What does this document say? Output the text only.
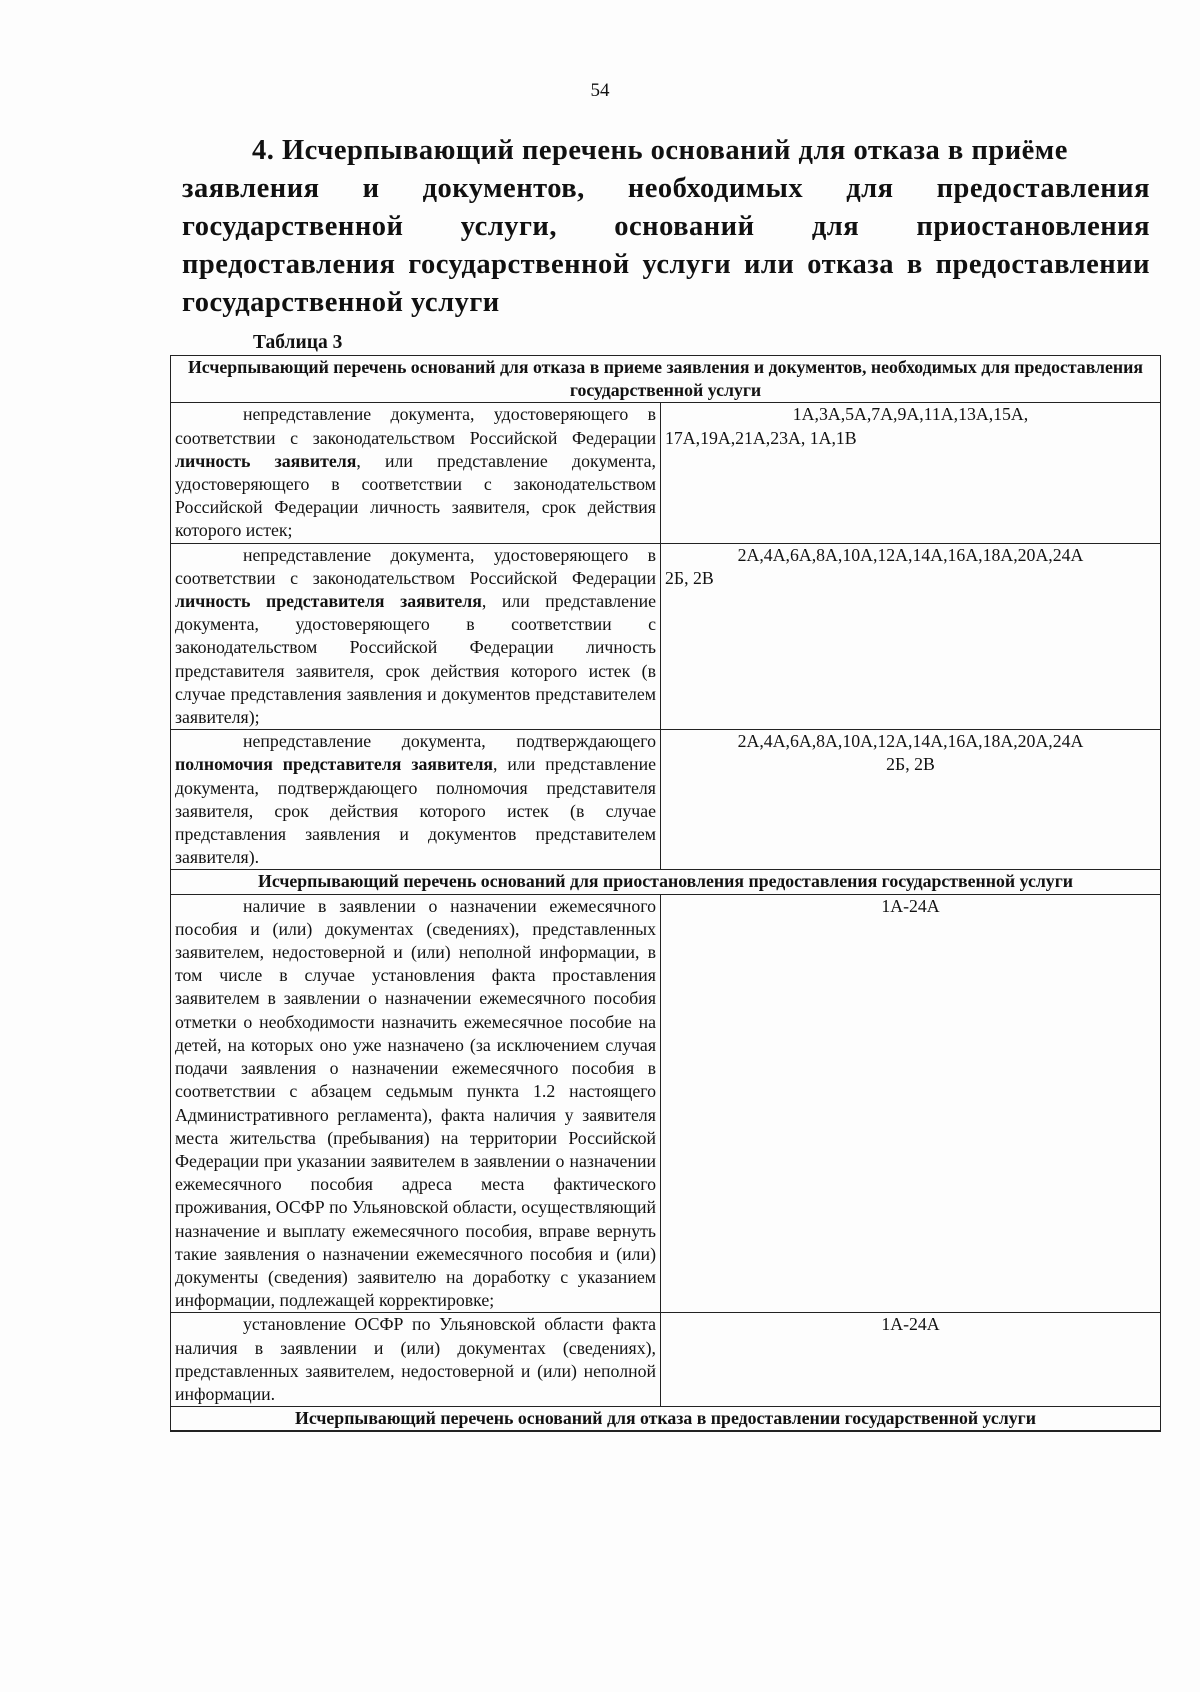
54
4. Исчерпывающий перечень оснований для отказа в приёме
заявления и документов, необходимых для предоставления государственной услуги, оснований для приостановления предоставления государственной услуги или отказа в предоставлении государственной услуги
Таблица 3
Исчерпывающий перечень оснований для отказа в приеме заявления и документов, необходимых для предоставления государственной услуги	

непредставление документа, удостоверяющего в соответствии с законодательством Российской Федерации личность заявителя, или представление документа, удостоверяющего в соответствии с законодательством Российской Федерации личность заявителя, срок действия которого истек;	1А,3А,5А,7А,9А,11А,13А,15А,
17А,19А,21А,23А, 1А,1В

непредставление документа, удостоверяющего в соответствии с законодательством Российской Федерации личность представителя заявителя, или представление документа, удостоверяющего в соответствии с законодательством Российской Федерации личность представителя заявителя, срок действия которого истек (в случае представления заявления и документов представителем заявителя);	2А,4А,6А,8А,10А,12А,14А,16А,18А,20А,24А
2Б, 2В

непредставление документа, подтверждающего полномочия представителя заявителя, или представление документа, подтверждающего полномочия представителя заявителя, срок действия которого истек (в случае представления заявления и документов представителем заявителя).	2А,4А,6А,8А,10А,12А,14А,16А,18А,20А,24А
2Б, 2В

Исчерпывающий перечень оснований для приостановления предоставления государственной услуги	

наличие в заявлении о назначении ежемесячного пособия и (или) документах (сведениях), представленных заявителем, недостоверной и (или) неполной информации, в том числе в случае установления факта проставления заявителем в заявлении о назначении ежемесячного пособия отметки о необходимости назначить ежемесячное пособие на детей, на которых оно уже назначено (за исключением случая подачи заявления о назначении ежемесячного пособия в соответствии с абзацем седьмым пункта 1.2 настоящего Административного регламента), факта наличия у заявителя места жительства (пребывания) на территории Российской Федерации при указании заявителем в заявлении о назначении ежемесячного пособия адреса места фактического проживания, ОСФР по Ульяновской области, осуществляющий назначение и выплату ежемесячного пособия, вправе вернуть такие заявления о назначении ежемесячного пособия и (или) документы (сведения) заявителю на доработку с указанием информации, подлежащей корректировке;	1А-24А

установление ОСФР по Ульяновской области факта наличия в заявлении и (или) документах (сведениях), представленных заявителем, недостоверной и (или) неполной информации.	1А-24А
Исчерпывающий перечень оснований для отказа в предоставлении государственной услуги	
